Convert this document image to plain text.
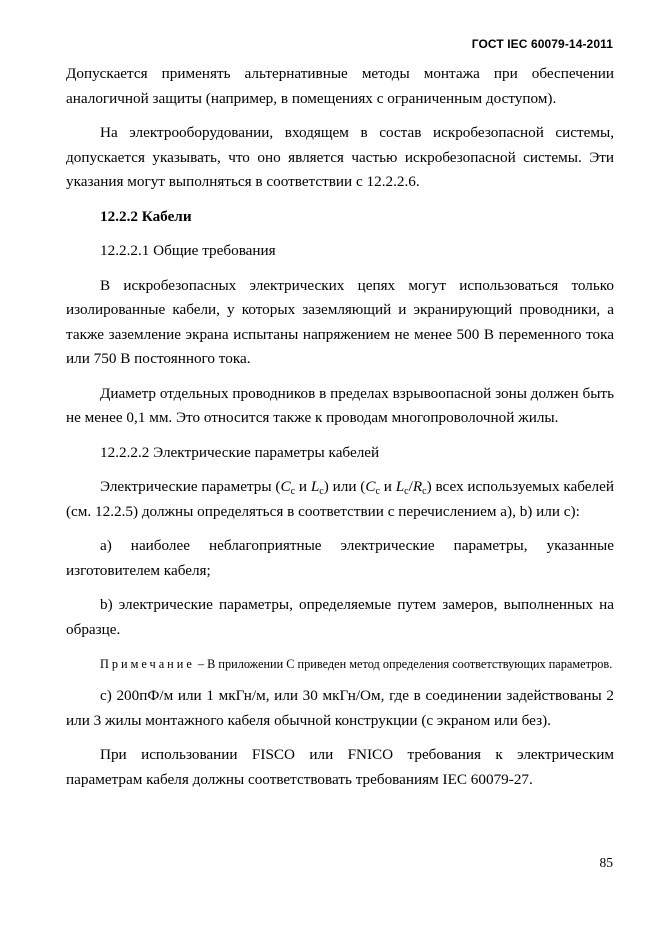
ГОСТ IEC 60079-14-2011

Допускается применять альтернативные методы монтажа при обеспечении аналогичной защиты (например, в помещениях с ограниченным доступом).

На электрооборудовании, входящем в состав искробезопасной системы, допускается указывать, что оно является частью искробезопасной системы. Эти указания могут выполняться в соответствии с 12.2.2.6.

12.2.2 Кабели

12.2.2.1 Общие требования

В искробезопасных электрических цепях могут использоваться только изолированные кабели, у которых заземляющий и экранирующий проводники, а также заземление экрана испытаны напряжением не менее 500 В переменного тока или 750 В постоянного тока.

Диаметр отдельных проводников в пределах взрывоопасной зоны должен быть не менее 0,1 мм. Это относится также к проводам многопроволочной жилы.

12.2.2.2 Электрические параметры кабелей

Электрические параметры ($C_c$ и $L_c$) или ($C_c$ и $L_c/R_c$) всех используемых кабелей (см. 12.2.5) должны определяться в соответствии с перечислением a), b) или c):

а) наиболее неблагоприятные электрические параметры, указанные изготовителем кабеля;

b) электрические параметры, определяемые путем замеров, выполненных на образце.

Примечание – В приложении C приведен метод определения соответствующих параметров.

c) 200пФ/м или 1 мкГн/м, или 30 мкГн/Ом, где в соединении задействованы 2 или 3 жилы монтажного кабеля обычной конструкции (с экраном или без).

При использовании FISCO или FNICO требования к электрическим параметрам кабеля должны соответствовать требованиям IEC 60079-27.

85
